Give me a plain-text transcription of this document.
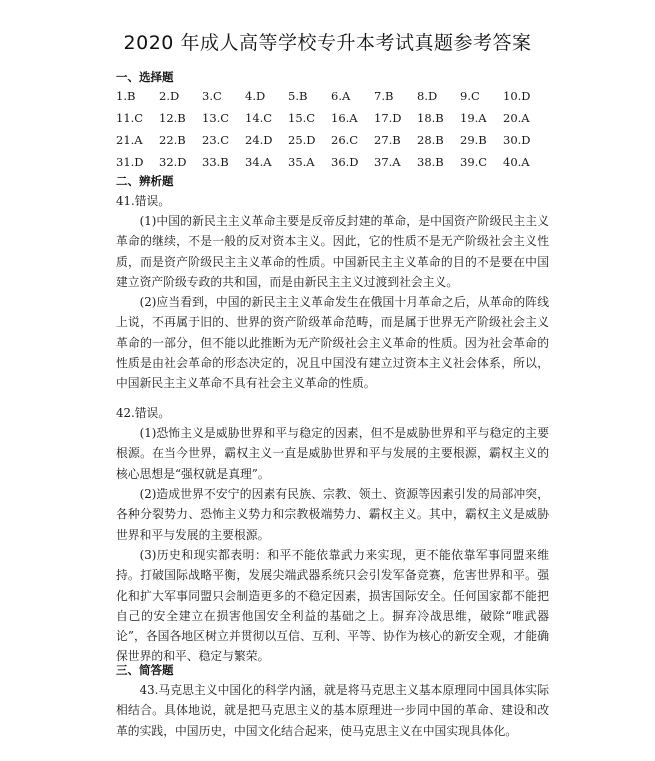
2020 年成人高等学校专升本考试真题参考答案
一、选择题
1.B	2.D	3.C	4.D	5.B	6.A	7.B	8.D	9.C	10.D
11.C	12.B	13.C	14.C	15.C	16.A	17.D	18.B	19.A	20.A
21.A	22.B	23.C	24.D	25.D	26.C	27.B	28.B	29.B	30.D
31.D	32.D	33.B	34.A	35.A	36.D	37.A	38.B	39.C	40.A
二、辨析题
41.错误。
(1)中国的新民主主义革命主要是反帝反封建的革命，是中国资产阶级民主主义革命的继续，不是一般的反对资本主义。因此，它的性质不是无产阶级社会主义性质，而是资产阶级民主主义革命的性质。中国新民主主义革命的目的不是要在中国建立资产阶级专政的共和国，而是由新民主主义过渡到社会主义。
(2)应当看到，中国的新民主主义革命发生在俄国十月革命之后，从革命的阵线上说，不再属于旧的、世界的资产阶级革命范畴，而是属于世界无产阶级社会主义革命的一部分，但不能以此推断为无产阶级社会主义革命的性质。因为社会革命的性质是由社会革命的形态决定的，况且中国没有建立过资本主义社会体系，所以，中国新民主主义革命不具有社会主义革命的性质。
42.错误。
(1)恐怖主义是威胁世界和平与稳定的因素，但不是威胁世界和平与稳定的主要根源。在当今世界，霸权主义一直是威胁世界和平与发展的主要根源，霸权主义的核心思想是“强权就是真理”。
(2)造成世界不安宁的因素有民族、宗教、领土、资源等因素引发的局部冲突，各种分裂势力、恐怖主义势力和宗教极端势力、霸权主义。其中，霸权主义是威胁世界和平与发展的主要根源。
(3)历史和现实都表明：和平不能依靠武力来实现，更不能依靠军事同盟来维持。打破国际战略平衡，发展尖端武器系统只会引发军备竞赛，危害世界和平。强化和扩大军事同盟只会制造更多的不稳定因素，损害国际安全。任何国家都不能把自己的安全建立在损害他国安全利益的基础之上。摒弃冷战思维，破除“唯武器论”，各国各地区树立并贯彻以互信、互利、平等、协作为核心的新安全观，才能确保世界的和平、稳定与繁荣。
三、简答题
43.马克思主义中国化的科学内涵，就是将马克思主义基本原理同中国具体实际相结合。具体地说，就是把马克思主义的基本原理进一步同中国的革命、建设和改革的实践，中国历史，中国文化结合起来，使马克思主义在中国实现具体化。
